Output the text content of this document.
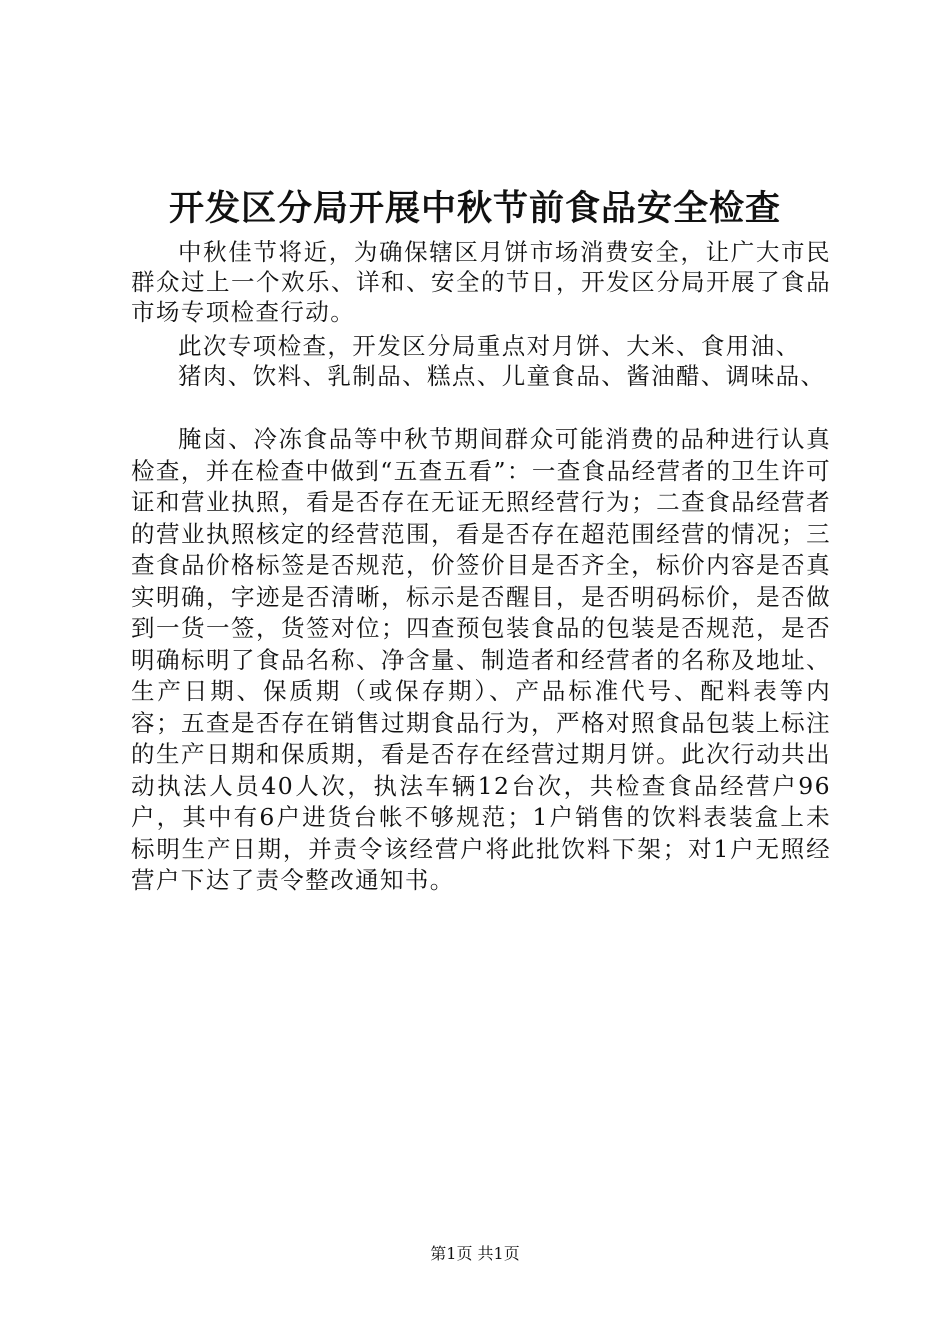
开发区分局开展中秋节前食品安全检查

中秋佳节将近，为确保辖区月饼市场消费安全，让广大市民群众过上一个欢乐、详和、安全的节日，开发区分局开展了食品市场专项检查行动。

此次专项检查，开发区分局重点对月饼、大米、食用油、
猪肉、饮料、乳制品、糕点、儿童食品、酱油醋、调味品、

腌卤、冷冻食品等中秋节期间群众可能消费的品种进行认真检查，并在检查中做到“五查五看”：一查食品经营者的卫生许可证和营业执照，看是否存在无证无照经营行为；二查食品经营者的营业执照核定的经营范围，看是否存在超范围经营的情况；三查食品价格标签是否规范，价签价目是否齐全，标价内容是否真实明确，字迹是否清晰，标示是否醒目，是否明码标价，是否做到一货一签，货签对位；四查预包装食品的包装是否规范，是否明确标明了食品名称、净含量、制造者和经营者的名称及地址、生产日期、保质期（或保存期）、产品标准代号、配料表等内容；五查是否存在销售过期食品行为，严格对照食品包装上标注的生产日期和保质期，看是否存在经营过期月饼。此次行动共出动执法人员40人次，执法车辆12台次，共检查食品经营户96户，其中有6户进货台帐不够规范；1户销售的饮料表装盒上未标明生产日期，并责令该经营户将此批饮料下架；对1户无照经营户下达了责令整改通知书。

第1页 共1页
